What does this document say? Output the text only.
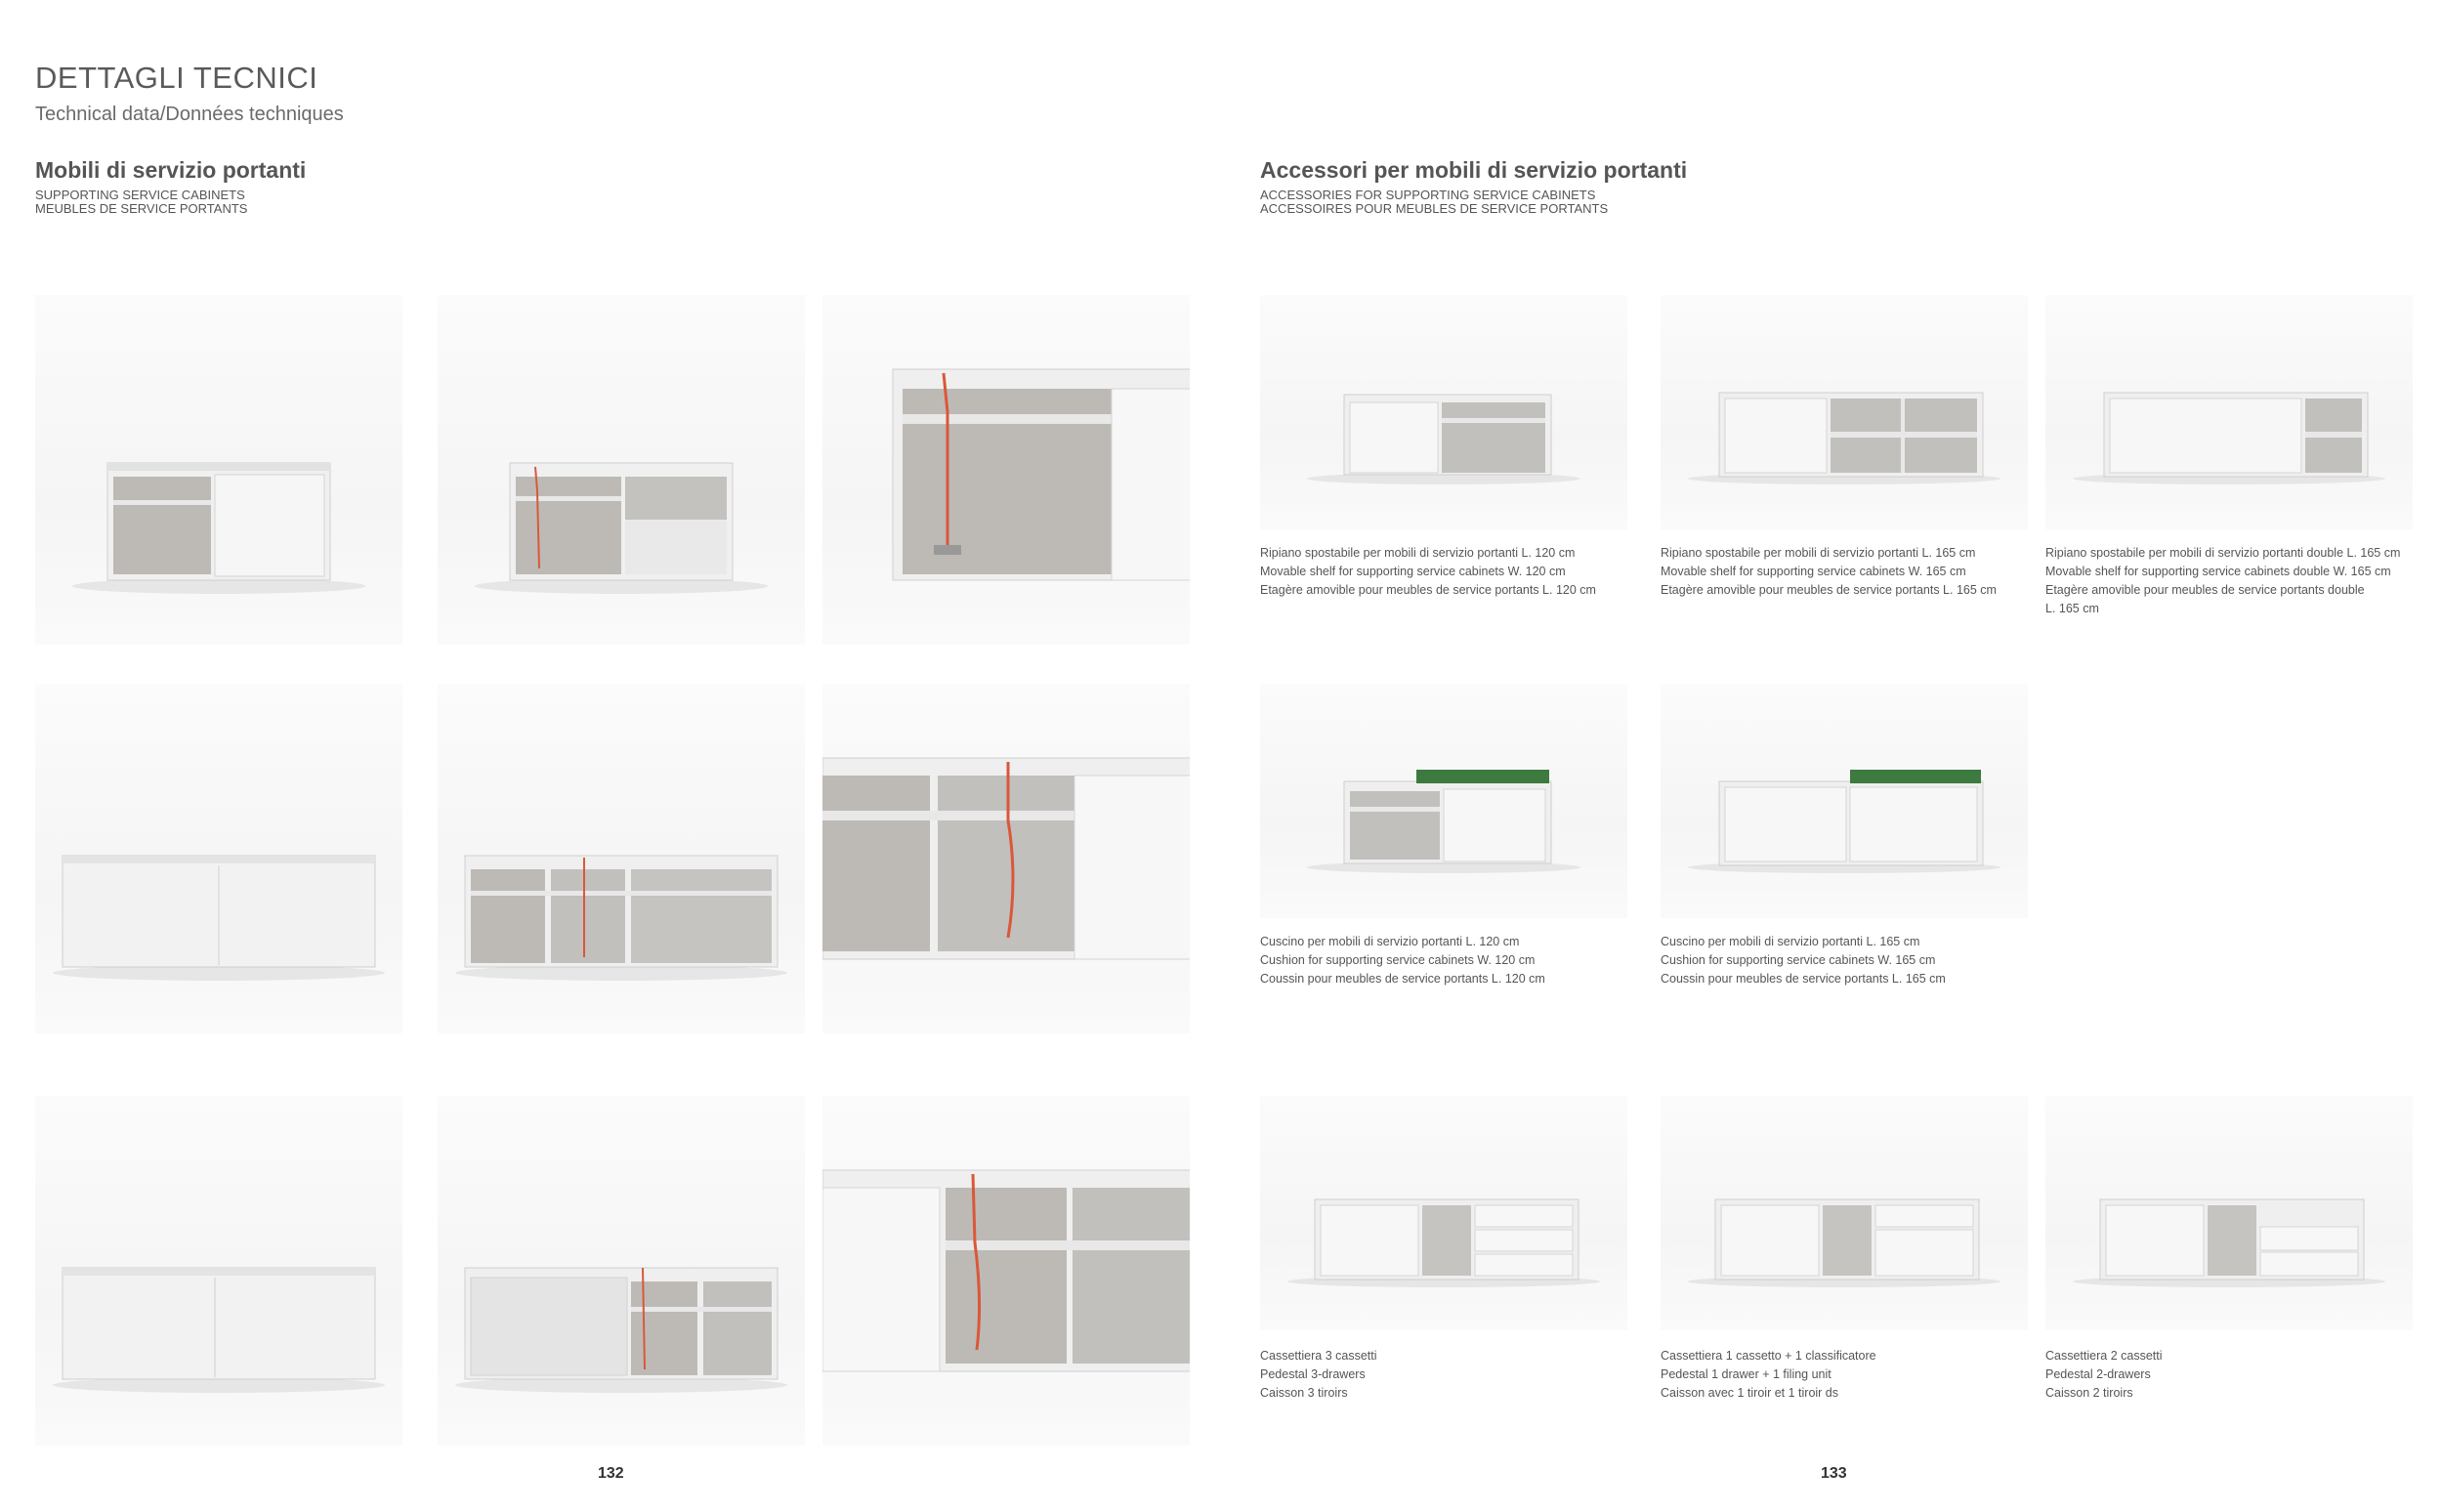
DETTAGLI TECNICI
Technical data/Données techniques
Mobili di servizio portanti
SUPPORTING SERVICE CABINETS
MEUBLES DE SERVICE PORTANTS
Accessori per mobili di servizio portanti
ACCESSORIES FOR SUPPORTING SERVICE CABINETS
ACCESSOIRES POUR MEUBLES DE SERVICE PORTANTS
Ripiano spostabile per mobili di servizio portanti L. 120 cm
Movable shelf for supporting service cabinets W. 120 cm
Etagère amovible pour meubles de service portants L. 120 cm
Ripiano spostabile per mobili di servizio portanti L. 165 cm
Movable shelf for supporting service cabinets W. 165 cm
Etagère amovible pour meubles de service portants L. 165 cm
Ripiano spostabile per mobili di servizio portanti double L. 165 cm
Movable shelf for supporting service cabinets double W. 165 cm
Etagère amovible pour meubles de service portants double
L. 165 cm
Cuscino per mobili di servizio portanti L. 120 cm
Cushion for supporting service cabinets W. 120 cm
Coussin pour meubles de service portants L. 120 cm
Cuscino per mobili di servizio portanti L. 165 cm
Cushion for supporting service cabinets W. 165 cm
Coussin pour meubles de service portants L. 165 cm
Cassettiera 3 cassetti
Pedestal 3-drawers
Caisson 3 tiroirs
Cassettiera 1 cassetto + 1 classificatore
Pedestal 1 drawer + 1 filing unit
Caisson avec 1 tiroir et 1 tiroir ds
Cassettiera 2 cassetti
Pedestal 2-drawers
Caisson 2 tiroirs
132	133
